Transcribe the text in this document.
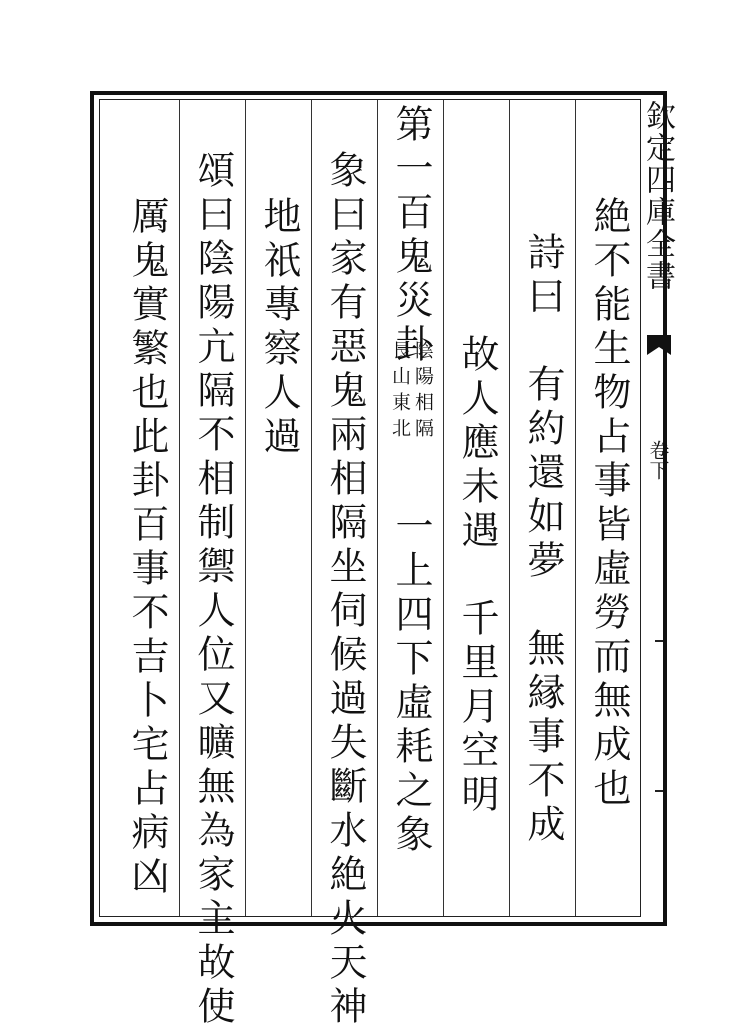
欽定四庫全書
卷下
絶不能生物占事皆虛勞而無成也
詩曰　有約還如夢　無縁事不成
故人應未遇　千里月空明
第一百鬼災卦
陰陽相隔
艮山東北
一上四下虛耗之象
象曰家有惡鬼兩相隔坐伺候過失斷水絶火天神
地祇專察人過
頌曰陰陽亢隔不相制禦人位又曠無為家主故使
厲鬼實繁也此卦百事不吉卜宅占病凶
